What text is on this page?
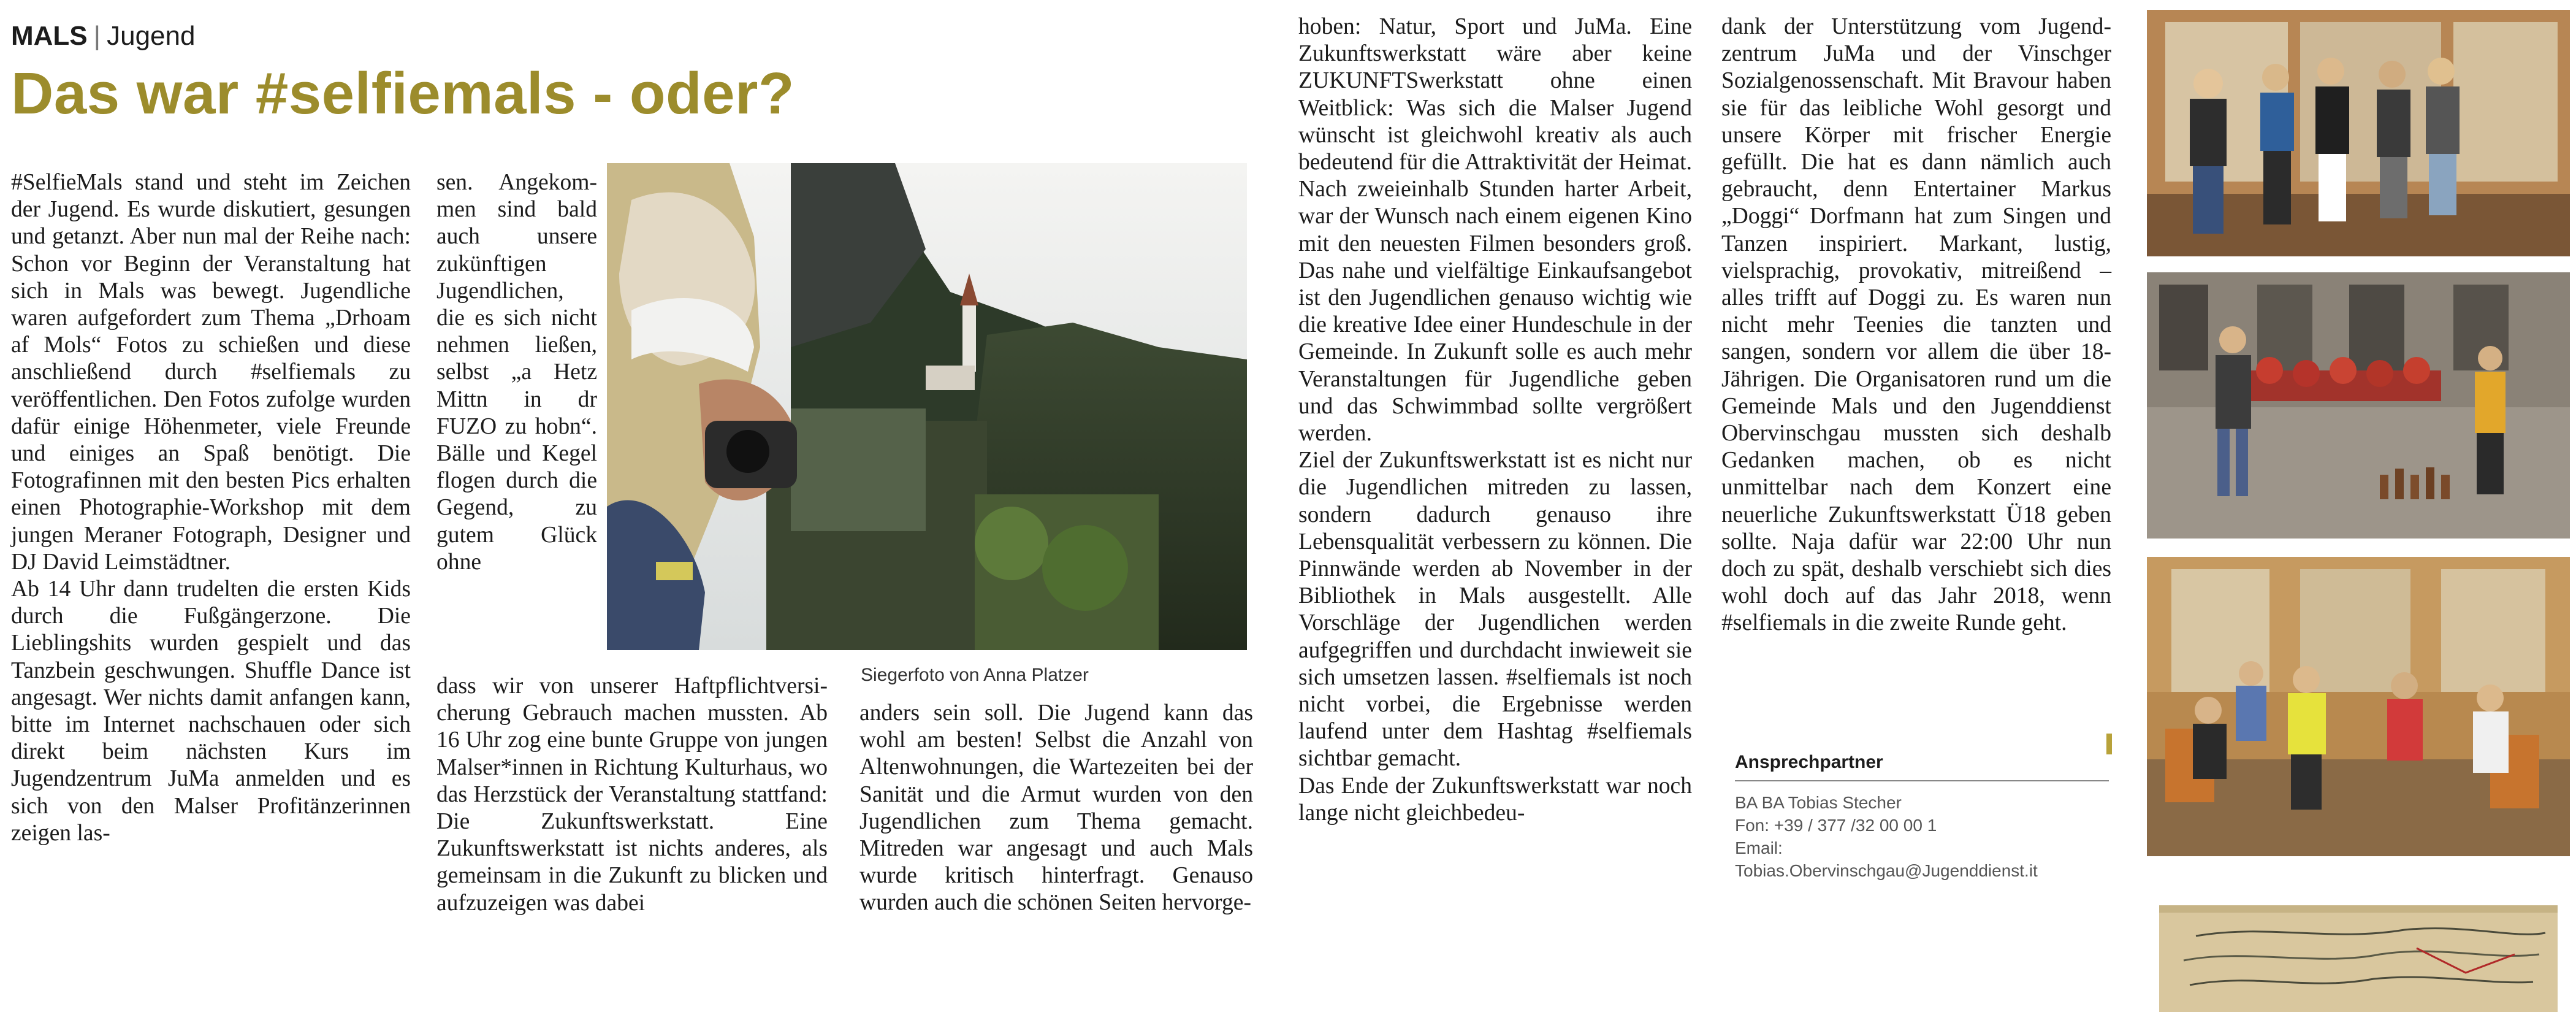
MALS | Jugend
Das war #selfiemals - oder?

#SelfieMals stand und steht im Zeichen der Jugend. Es wurde diskutiert, gesungen und getanzt. Aber nun mal der Reihe nach: Schon vor Beginn der Veranstaltung hat sich in Mals was bewegt. Jugendliche waren aufgefordert zum Thema „Drhoam af Mols“ Fotos zu schießen und diese anschließend durch #selfiemals zu veröffentlichen. Den Fotos zufolge wurden dafür einige Höhenmeter, viele Freunde und einiges an Spaß benötigt. Die Fotografinnen mit den besten Pics erhalten einen Photographie-Workshop mit dem jungen Meraner Fotograph, Designer und DJ David Leimstädtner.

Ab 14 Uhr dann trudelten die ersten Kids durch die Fußgängerzone. Die Lieblingshits wurden gespielt und das Tanzbein geschwungen. Shuffle Dance ist angesagt. Wer nichts damit anfangen kann, bitte im Internet nachschauen oder sich direkt beim nächsten Kurs im Jugendzentrum JuMa anmelden und es sich von den Malser Profitänzerinnen zeigen las-

sen. Angekommen sind bald auch unsere zukünftigen Jugendlichen, die es sich nicht nehmen ließen, selbst „a Hetz Mittn in dr FUZO zu hobn“. Bälle und Kegel flogen durch die Gegend, zu gutem Glück ohne

Siegerfoto von Anna Platzer

dass wir von unserer Haftpflichtversicherung Gebrauch machen mussten. Ab 16 Uhr zog eine bunte Gruppe von jungen Malser*innen in Richtung Kulturhaus, wo das Herzstück der Veranstaltung stattfand: Die Zukunftswerkstatt. Eine Zukunftswerkstatt ist nichts anderes, als gemeinsam in die Zukunft zu blicken und aufzuzeigen was dabei

anders sein soll. Die Jugend kann das wohl am besten! Selbst die Anzahl von Altenwohnungen, die Wartezeiten bei der Sanität und die Armut wurden von den Jugendlichen zum Thema gemacht. Mitreden war angesagt und auch Mals wurde kritisch hinterfragt. Genauso wurden auch die schönen Seiten hervorge-

hoben: Natur, Sport und JuMa. Eine Zukunftswerkstatt wäre aber keine ZUKUNFTSwerkstatt ohne einen Weitblick: Was sich die Malser Jugend wünscht ist gleichwohl kreativ als auch bedeutend für die Attraktivität der Heimat. Nach zweieinhalb Stunden harter Arbeit, war der Wunsch nach einem eigenen Kino mit den neuesten Filmen besonders groß. Das nahe und vielfältige Einkaufsangebot ist den Jugendlichen genauso wichtig wie die kreative Idee einer Hundeschule in der Gemeinde. In Zukunft solle es auch mehr Veranstaltungen für Jugendliche geben und das Schwimmbad sollte vergrößert werden.

Ziel der Zukunftswerkstatt ist es nicht nur die Jugendlichen mitreden zu lassen, sondern dadurch genauso ihre Lebensqualität verbessern zu können. Die Pinnwände werden ab November in der Bibliothek in Mals ausgestellt. Alle Vorschläge der Jugendlichen werden aufgegriffen und durchdacht inwieweit sie sich umsetzen lassen. #selfiemals ist noch nicht vorbei, die Ergebnisse werden laufend unter dem Hashtag #selfiemals sichtbar gemacht.

Das Ende der Zukunftswerkstatt war noch lange nicht gleichbedeu-

dank der Unterstützung vom Jugendzentrum JuMa und der Vinschger Sozialgenossenschaft. Mit Bravour haben sie für das leibliche Wohl gesorgt und unsere Körper mit frischer Energie gefüllt. Die hat es dann nämlich auch gebraucht, denn Entertainer Markus „Doggi“ Dorfmann hat zum Singen und Tanzen inspiriert. Markant, lustig, vielsprachig, provokativ, mitreißend – alles trifft auf Doggi zu. Es waren nun nicht mehr Teenies die tanzten und sangen, sondern vor allem die über 18-Jährigen. Die Organisatoren rund um die Gemeinde Mals und den Jugenddienst Obervinschgau mussten sich deshalb Gedanken machen, ob es nicht unmittelbar nach dem Konzert eine neuerliche Zukunftswerkstatt Ü18 geben sollte. Naja dafür war 22:00 Uhr nun doch zu spät, deshalb verschiebt sich dies wohl doch auf das Jahr 2018, wenn #selfiemals in die zweite Runde geht.

Ansprechpartner
BA BA Tobias Stecher
Fon: +39 / 377 /32 00 00 1
Email:
Tobias.Obervinschgau@Jugenddienst.it
